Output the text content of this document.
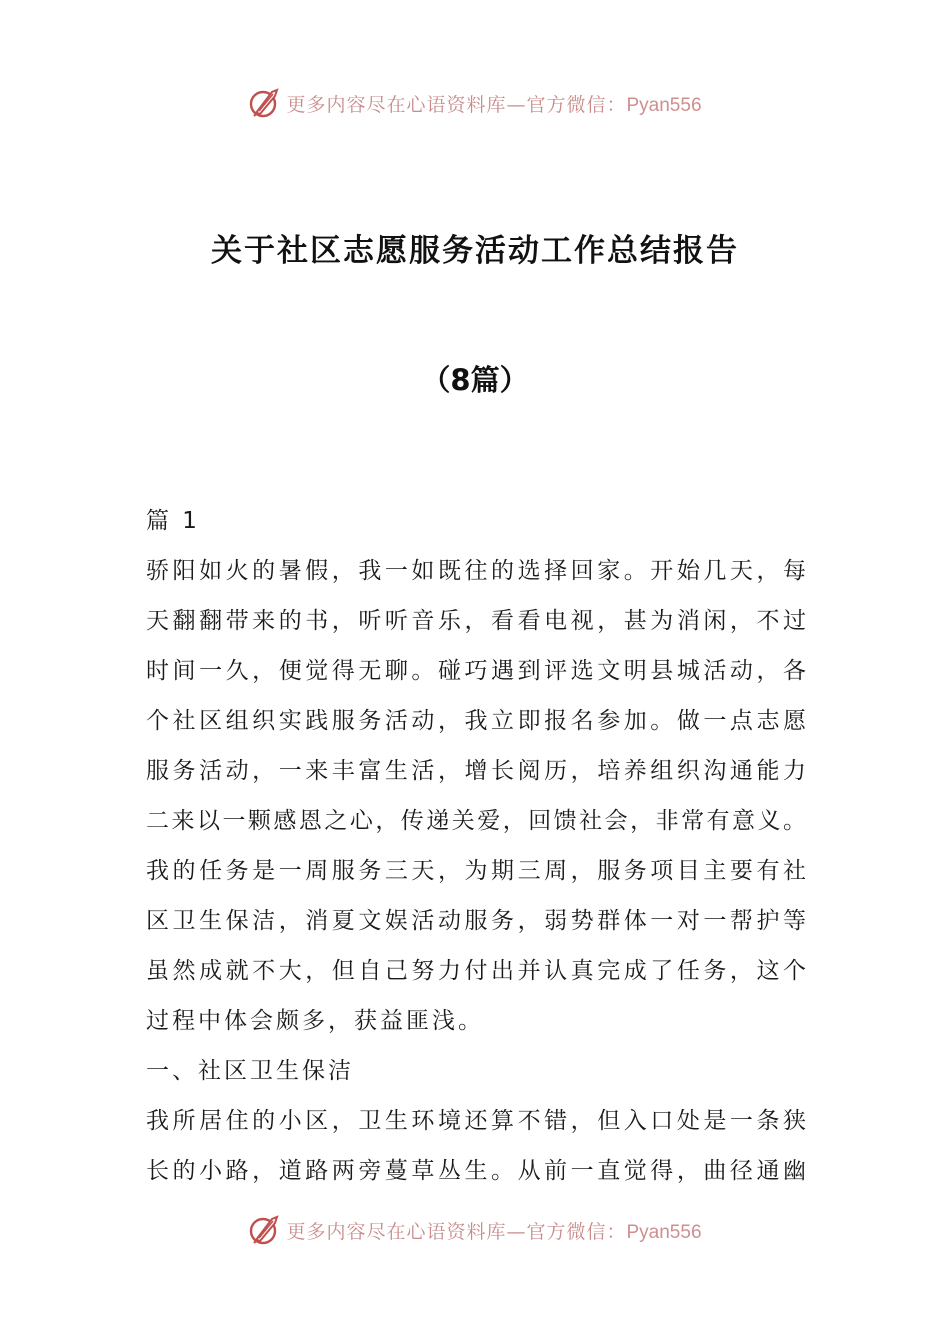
更多内容尽在心语资料库—官方微信：Pyan556
关于社区志愿服务活动工作总结报告
（8篇）
篇 1
骄阳如火的暑假，我一如既往的选择回家。开始几天，每
天翻翻带来的书，听听音乐，看看电视，甚为消闲，不过
时间一久，便觉得无聊。碰巧遇到评选文明县城活动，各
个社区组织实践服务活动，我立即报名参加。做一点志愿
服务活动，一来丰富生活，增长阅历，培养组织沟通能力
二来以一颗感恩之心，传递关爱，回馈社会，非常有意义。
我的任务是一周服务三天，为期三周，服务项目主要有社
区卫生保洁，消夏文娱活动服务，弱势群体一对一帮护等
虽然成就不大，但自己努力付出并认真完成了任务，这个
过程中体会颇多，获益匪浅。
一、社区卫生保洁
我所居住的小区，卫生环境还算不错，但入口处是一条狭
长的小路，道路两旁蔓草丛生。从前一直觉得，曲径通幽
更多内容尽在心语资料库—官方微信：Pyan556
